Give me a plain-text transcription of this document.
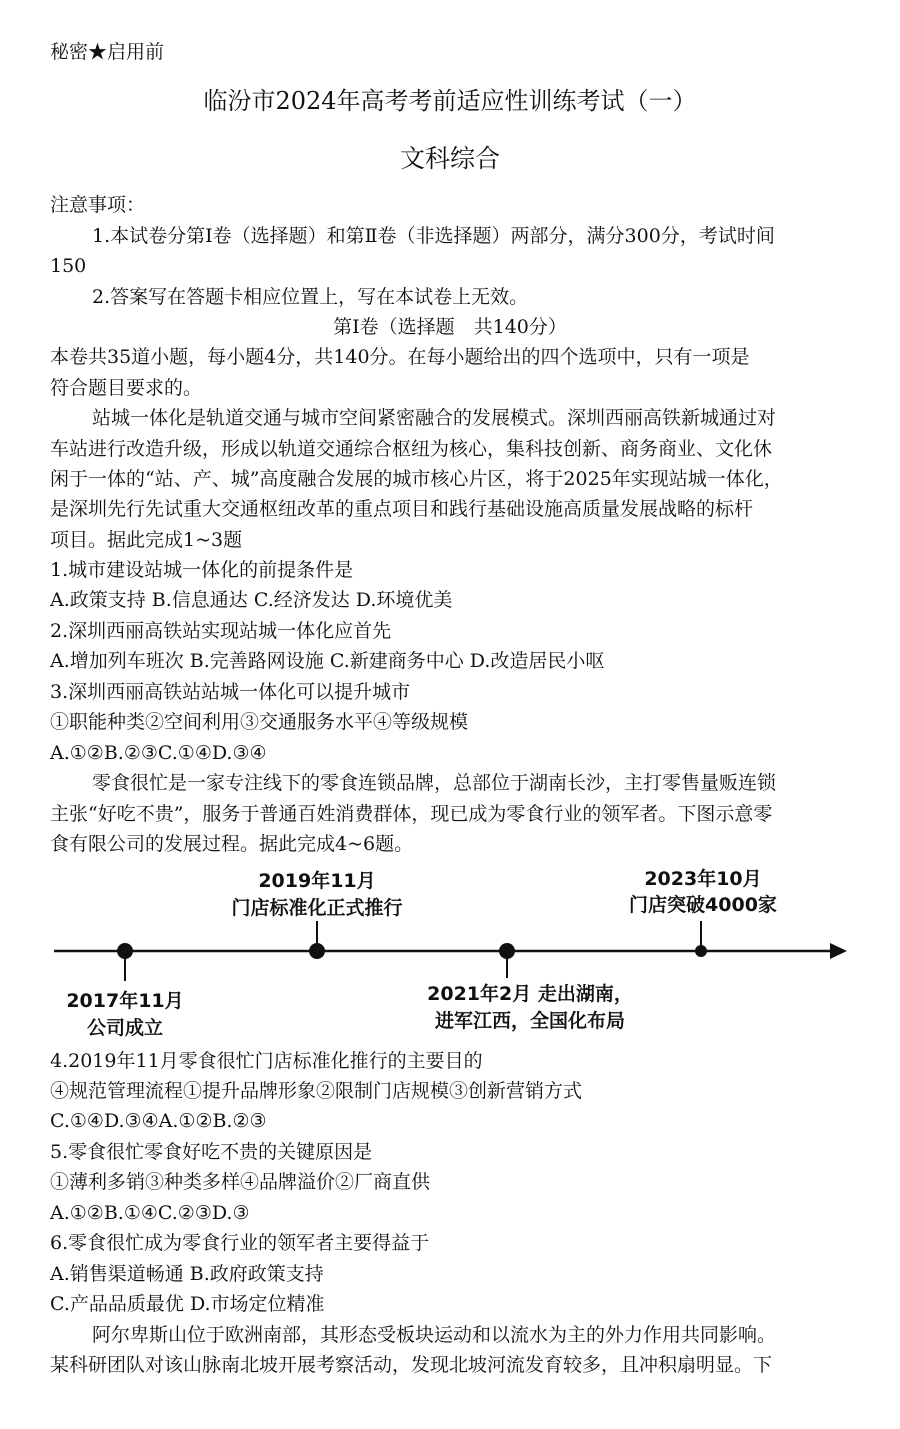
秘密★启用前
临汾市2024年高考考前适应性训练考试（一）
文科综合
注意事项：
1.本试卷分第Ⅰ卷（选择题）和第Ⅱ卷（非选择题）两部分，满分300分，考试时间
150
2.答案写在答题卡相应位置上，写在本试卷上无效。
第Ⅰ卷（选择题　共140分）
本卷共35道小题，每小题4分，共140分。在每小题给出的四个选项中，只有一项是
符合题目要求的。
站城一体化是轨道交通与城市空间紧密融合的发展模式。深圳西丽高铁新城通过对
车站进行改造升级，形成以轨道交通综合枢纽为核心，集科技创新、商务商业、文化休
闲于一体的“站、产、城”高度融合发展的城市核心片区，将于2025年实现站城一体化，
是深圳先行先试重大交通枢纽改革的重点项目和践行基础设施高质量发展战略的标杆
项目。据此完成1~3题
1.城市建设站城一体化的前提条件是
A.政策支持 B.信息通达 C.经济发达 D.环境优美
2.深圳西丽高铁站实现站城一体化应首先
A.增加列车班次 B.完善路网设施 C.新建商务中心 D.改造居民小呕
3.深圳西丽高铁站站城一体化可以提升城市
①职能种类②空间利用③交通服务水平④等级规模
A.①②B.②③C.①④D.③④
零食很忙是一家专注线下的零食连锁品牌，总部位于湖南长沙，主打零售量贩连锁
主张“好吃不贵”，服务于普通百姓消费群体，现已成为零食行业的领军者。下图示意零
食有限公司的发展过程。据此完成4~6题。
2017年11月
公司成立
2019年11月
门店标准化正式推行
2021年2月 走出湖南，
进军江西，全国化布局
2023年10月
门店突破4000家
4.2019年11月零食很忙门店标准化推行的主要目的
④规范管理流程①提升品牌形象②限制门店规模③创新营销方式
C.①④D.③④A.①②B.②③
5.零食很忙零食好吃不贵的关键原因是
①薄利多销③种类多样④品牌溢价②厂商直供
A.①②B.①④C.②③D.③
6.零食很忙成为零食行业的领军者主要得益于
A.销售渠道畅通 B.政府政策支持
C.产品品质最优 D.市场定位精准
阿尔卑斯山位于欧洲南部，其形态受板块运动和以流水为主的外力作用共同影响。
某科研团队对该山脉南北坡开展考察活动，发现北坡河流发育较多，且冲积扇明显。下
